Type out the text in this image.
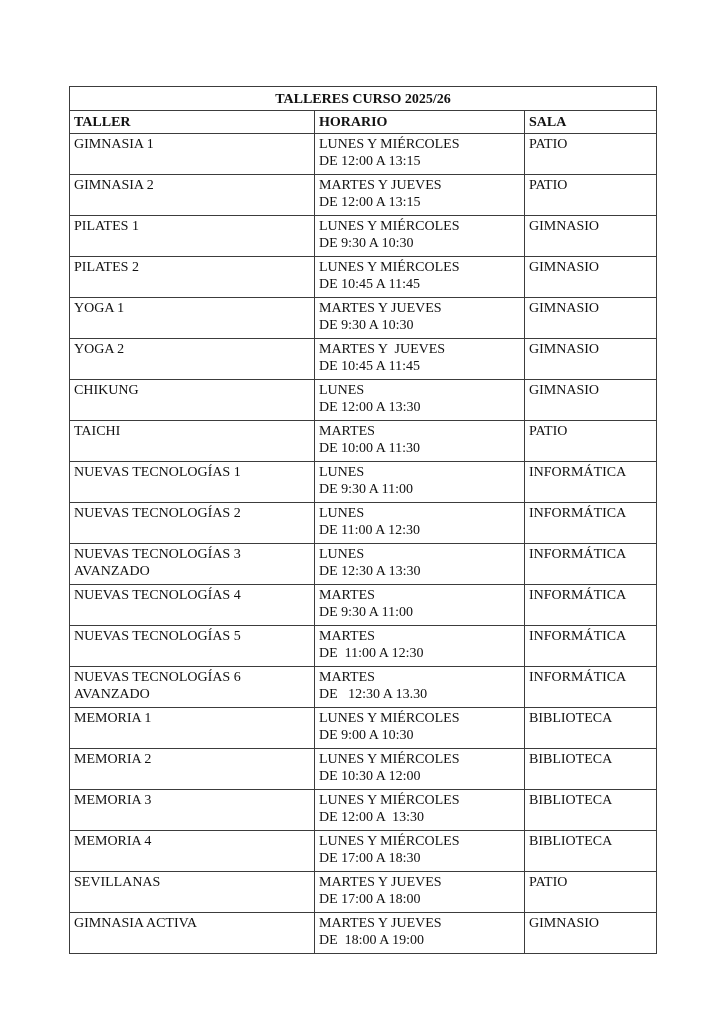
TALLERES CURSO 2025/26		
TALLER	HORARIO	SALA

GIMNASIA 1	LUNES Y MIÉRCOLES
DE 12:00 A 13:15	PATIO

GIMNASIA 2	MARTES Y JUEVES
DE 12:00 A 13:15	PATIO

PILATES 1	LUNES Y MIÉRCOLES
DE 9:30 A 10:30	GIMNASIO

PILATES 2	LUNES Y MIÉRCOLES
DE 10:45 A 11:45	GIMNASIO

YOGA 1	MARTES Y JUEVES
DE 9:30 A 10:30	GIMNASIO

YOGA 2	MARTES Y  JUEVES
DE 10:45 A 11:45	GIMNASIO

CHIKUNG	LUNES
DE 12:00 A 13:30	GIMNASIO

TAICHI	MARTES
DE 10:00 A 11:30	PATIO

NUEVAS TECNOLOGÍAS 1	LUNES
DE 9:30 A 11:00	INFORMÁTICA

NUEVAS TECNOLOGÍAS 2	LUNES
DE 11:00 A 12:30	INFORMÁTICA

NUEVAS TECNOLOGÍAS 3
AVANZADO	LUNES
DE 12:30 A 13:30	INFORMÁTICA

NUEVAS TECNOLOGÍAS 4	MARTES
DE 9:30 A 11:00	INFORMÁTICA

NUEVAS TECNOLOGÍAS 5	MARTES
DE  11:00 A 12:30	INFORMÁTICA

NUEVAS TECNOLOGÍAS 6
AVANZADO	MARTES
DE   12:30 A 13.30	INFORMÁTICA

MEMORIA 1	LUNES Y MIÉRCOLES
DE 9:00 A 10:30	BIBLIOTECA

MEMORIA 2	LUNES Y MIÉRCOLES
DE 10:30 A 12:00	BIBLIOTECA

MEMORIA 3	LUNES Y MIÉRCOLES
DE 12:00 A  13:30	BIBLIOTECA

MEMORIA 4	LUNES Y MIÉRCOLES
DE 17:00 A 18:30	BIBLIOTECA

SEVILLANAS	MARTES Y JUEVES
DE 17:00 A 18:00	PATIO

GIMNASIA ACTIVA	MARTES Y JUEVES
DE  18:00 A 19:00	GIMNASIO
